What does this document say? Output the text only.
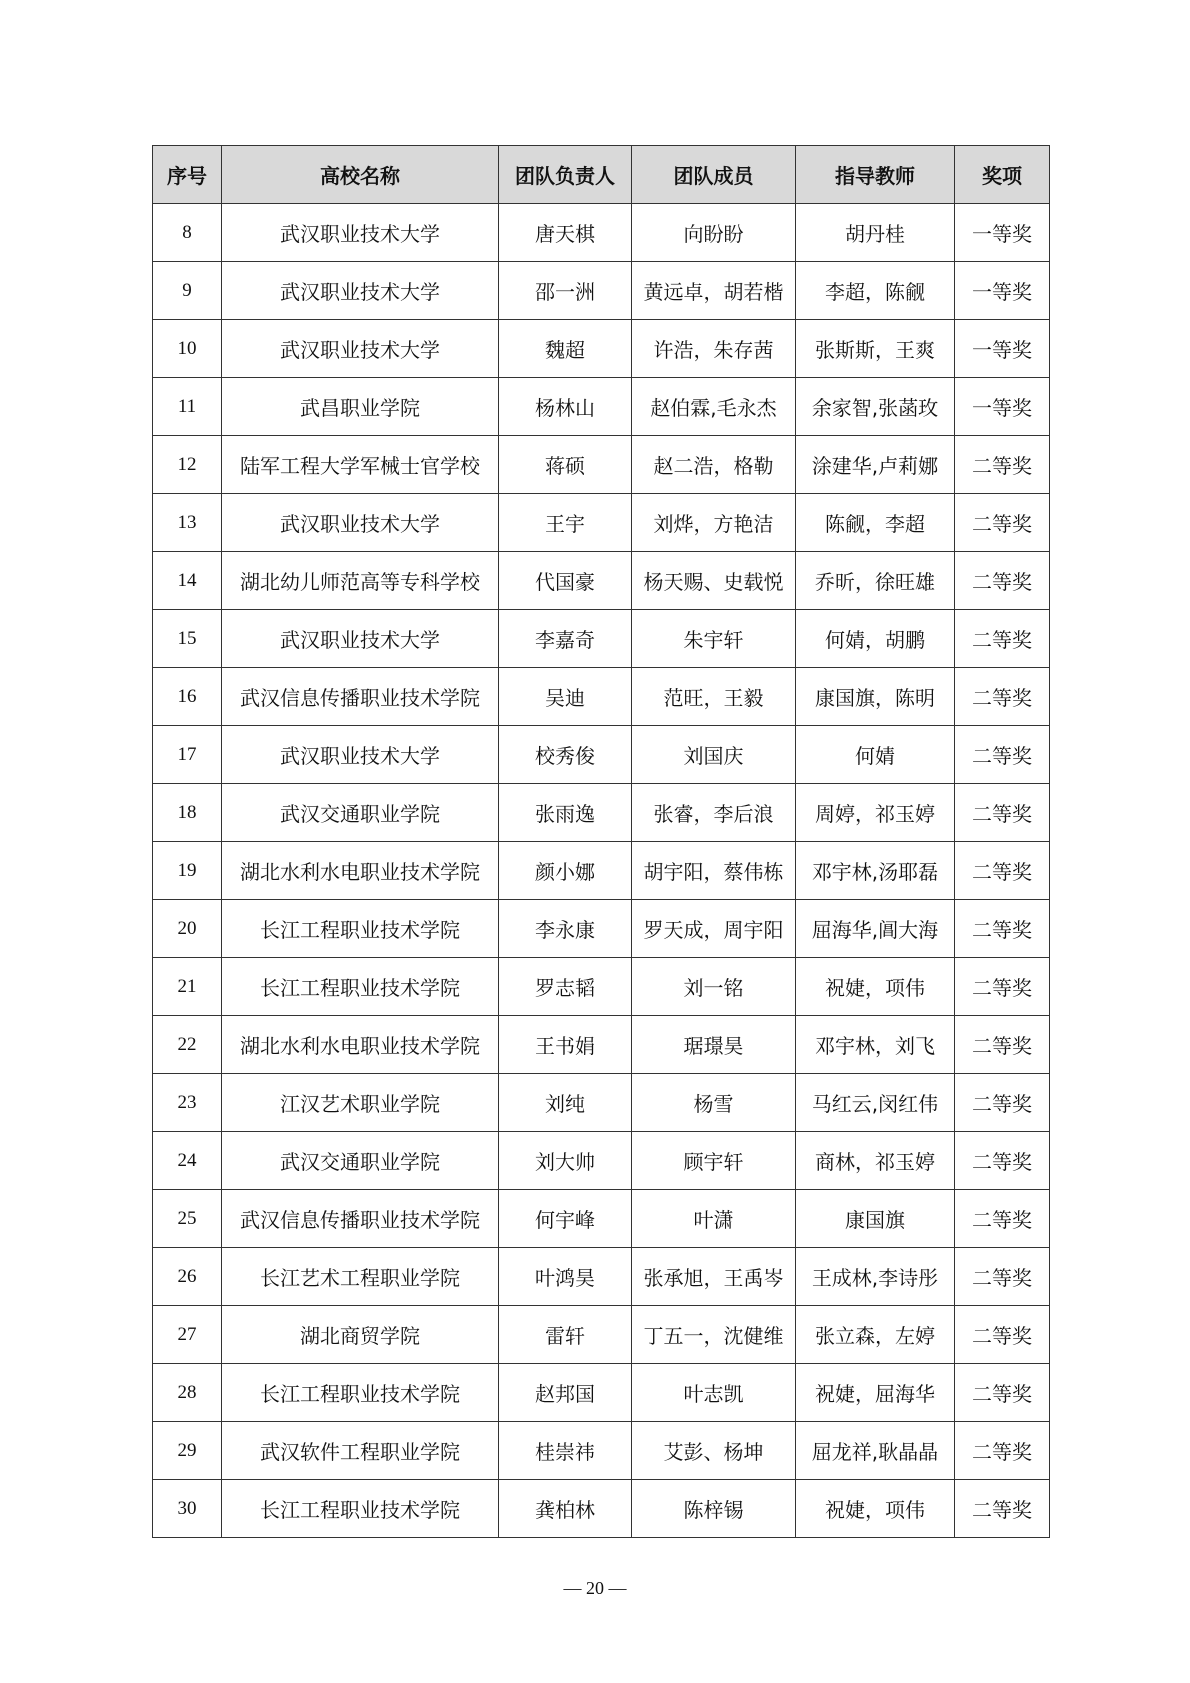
序号	高校名称	团队负责人	团队成员	指导教师	奖项
8	武汉职业技术大学	唐天棋	向盼盼	胡丹桂	一等奖
9	武汉职业技术大学	邵一洲	黄远卓，胡若楷	李超，陈觎	一等奖
10	武汉职业技术大学	魏超	许浩，朱存茜	张斯斯，王爽	一等奖
11	武昌职业学院	杨林山	赵伯霖,毛永杰	余家智,张菡玫	一等奖
12	陆军工程大学军械士官学校	蒋硕	赵二浩，格勒	涂建华,卢莉娜	二等奖
13	武汉职业技术大学	王宇	刘烨，方艳洁	陈觎，李超	二等奖
14	湖北幼儿师范高等专科学校	代国豪	杨天赐、史载悦	乔昕，徐旺雄	二等奖
15	武汉职业技术大学	李嘉奇	朱宇轩	何婧，胡鹏	二等奖
16	武汉信息传播职业技术学院	吴迪	范旺，王毅	康国旗，陈明	二等奖
17	武汉职业技术大学	校秀俊	刘国庆	何婧	二等奖
18	武汉交通职业学院	张雨逸	张睿，李后浪	周婷，祁玉婷	二等奖
19	湖北水利水电职业技术学院	颜小娜	胡宇阳，蔡伟栋	邓宇林,汤耶磊	二等奖
20	长江工程职业技术学院	李永康	罗天成，周宇阳	屈海华,阊大海	二等奖
21	长江工程职业技术学院	罗志韬	刘一铭	祝婕，项伟	二等奖
22	湖北水利水电职业技术学院	王书娟	琚璟昊	邓宇林，刘飞	二等奖
23	江汉艺术职业学院	刘纯	杨雪	马红云,闵红伟	二等奖
24	武汉交通职业学院	刘大帅	顾宇轩	商林，祁玉婷	二等奖
25	武汉信息传播职业技术学院	何宇峰	叶潇	康国旗	二等奖
26	长江艺术工程职业学院	叶鸿昊	张承旭，王禹岑	王成林,李诗彤	二等奖
27	湖北商贸学院	雷轩	丁五一，沈健维	张立森，左婷	二等奖
28	长江工程职业技术学院	赵邦国	叶志凯	祝婕，屈海华	二等奖
29	武汉软件工程职业学院	桂崇祎	艾彭、杨坤	屈龙祥,耿晶晶	二等奖
30	长江工程职业技术学院	龚柏林	陈梓锡	祝婕，项伟	二等奖
— 20 —
